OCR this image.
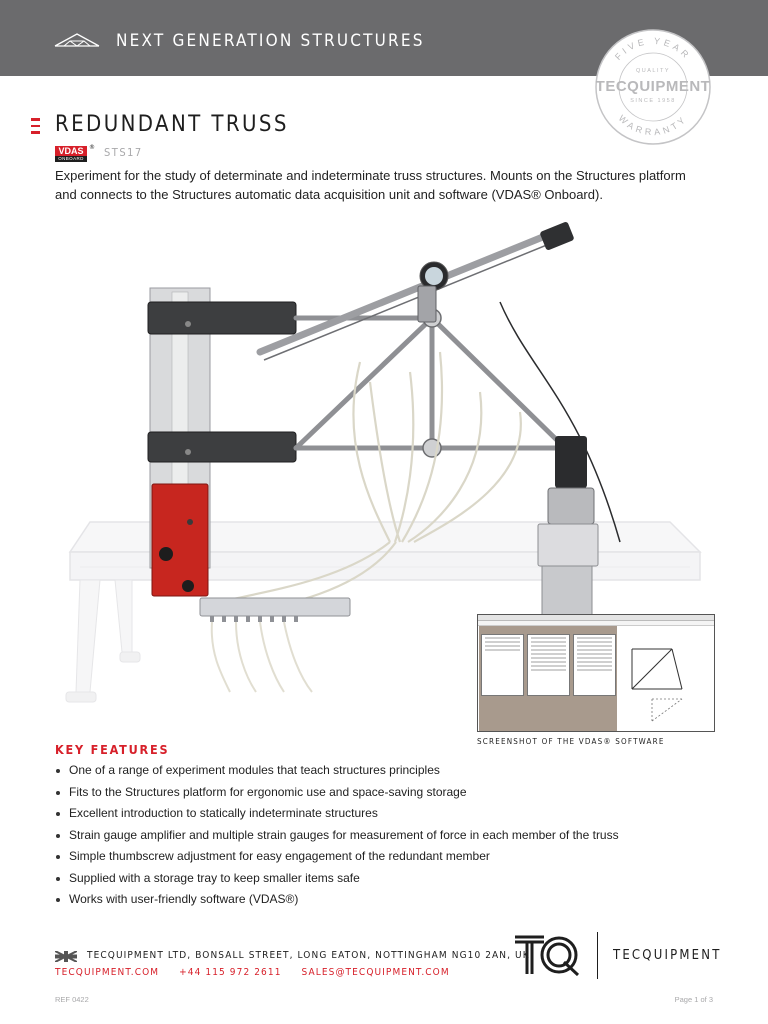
NEXT GENERATION STRUCTURES
FIVE YEAR
WARRANTY
QUALITY
TECQUIPMENT
SINCE 1958
REDUNDANT TRUSS
VDAS
ONBOARD
® STS17
Experiment for the study of determinate and indeterminate truss structures. Mounts on the Structures platform and connects to the Structures automatic data acquisition unit and software (VDAS® Onboard).
SCREENSHOT OF THE VDAS® SOFTWARE
KEY FEATURES
One of a range of experiment modules that teach structures principles
Fits to the Structures platform for ergonomic use and space-saving storage
Excellent introduction to statically indeterminate structures
Strain gauge amplifier and multiple strain gauges for measurement of force in each member of the truss
Simple thumbscrew adjustment for easy engagement of the redundant member
Supplied with a storage tray to keep smaller items safe
Works with user-friendly software (VDAS®)
TECQUIPMENT LTD, BONSALL STREET, LONG EATON, NOTTINGHAM NG10 2AN, UK
TECQUIPMENT.COM +44 115 972 2611 SALES@TECQUIPMENT.COM
TECQUIPMENT
REF 0422	Page 1 of 3
